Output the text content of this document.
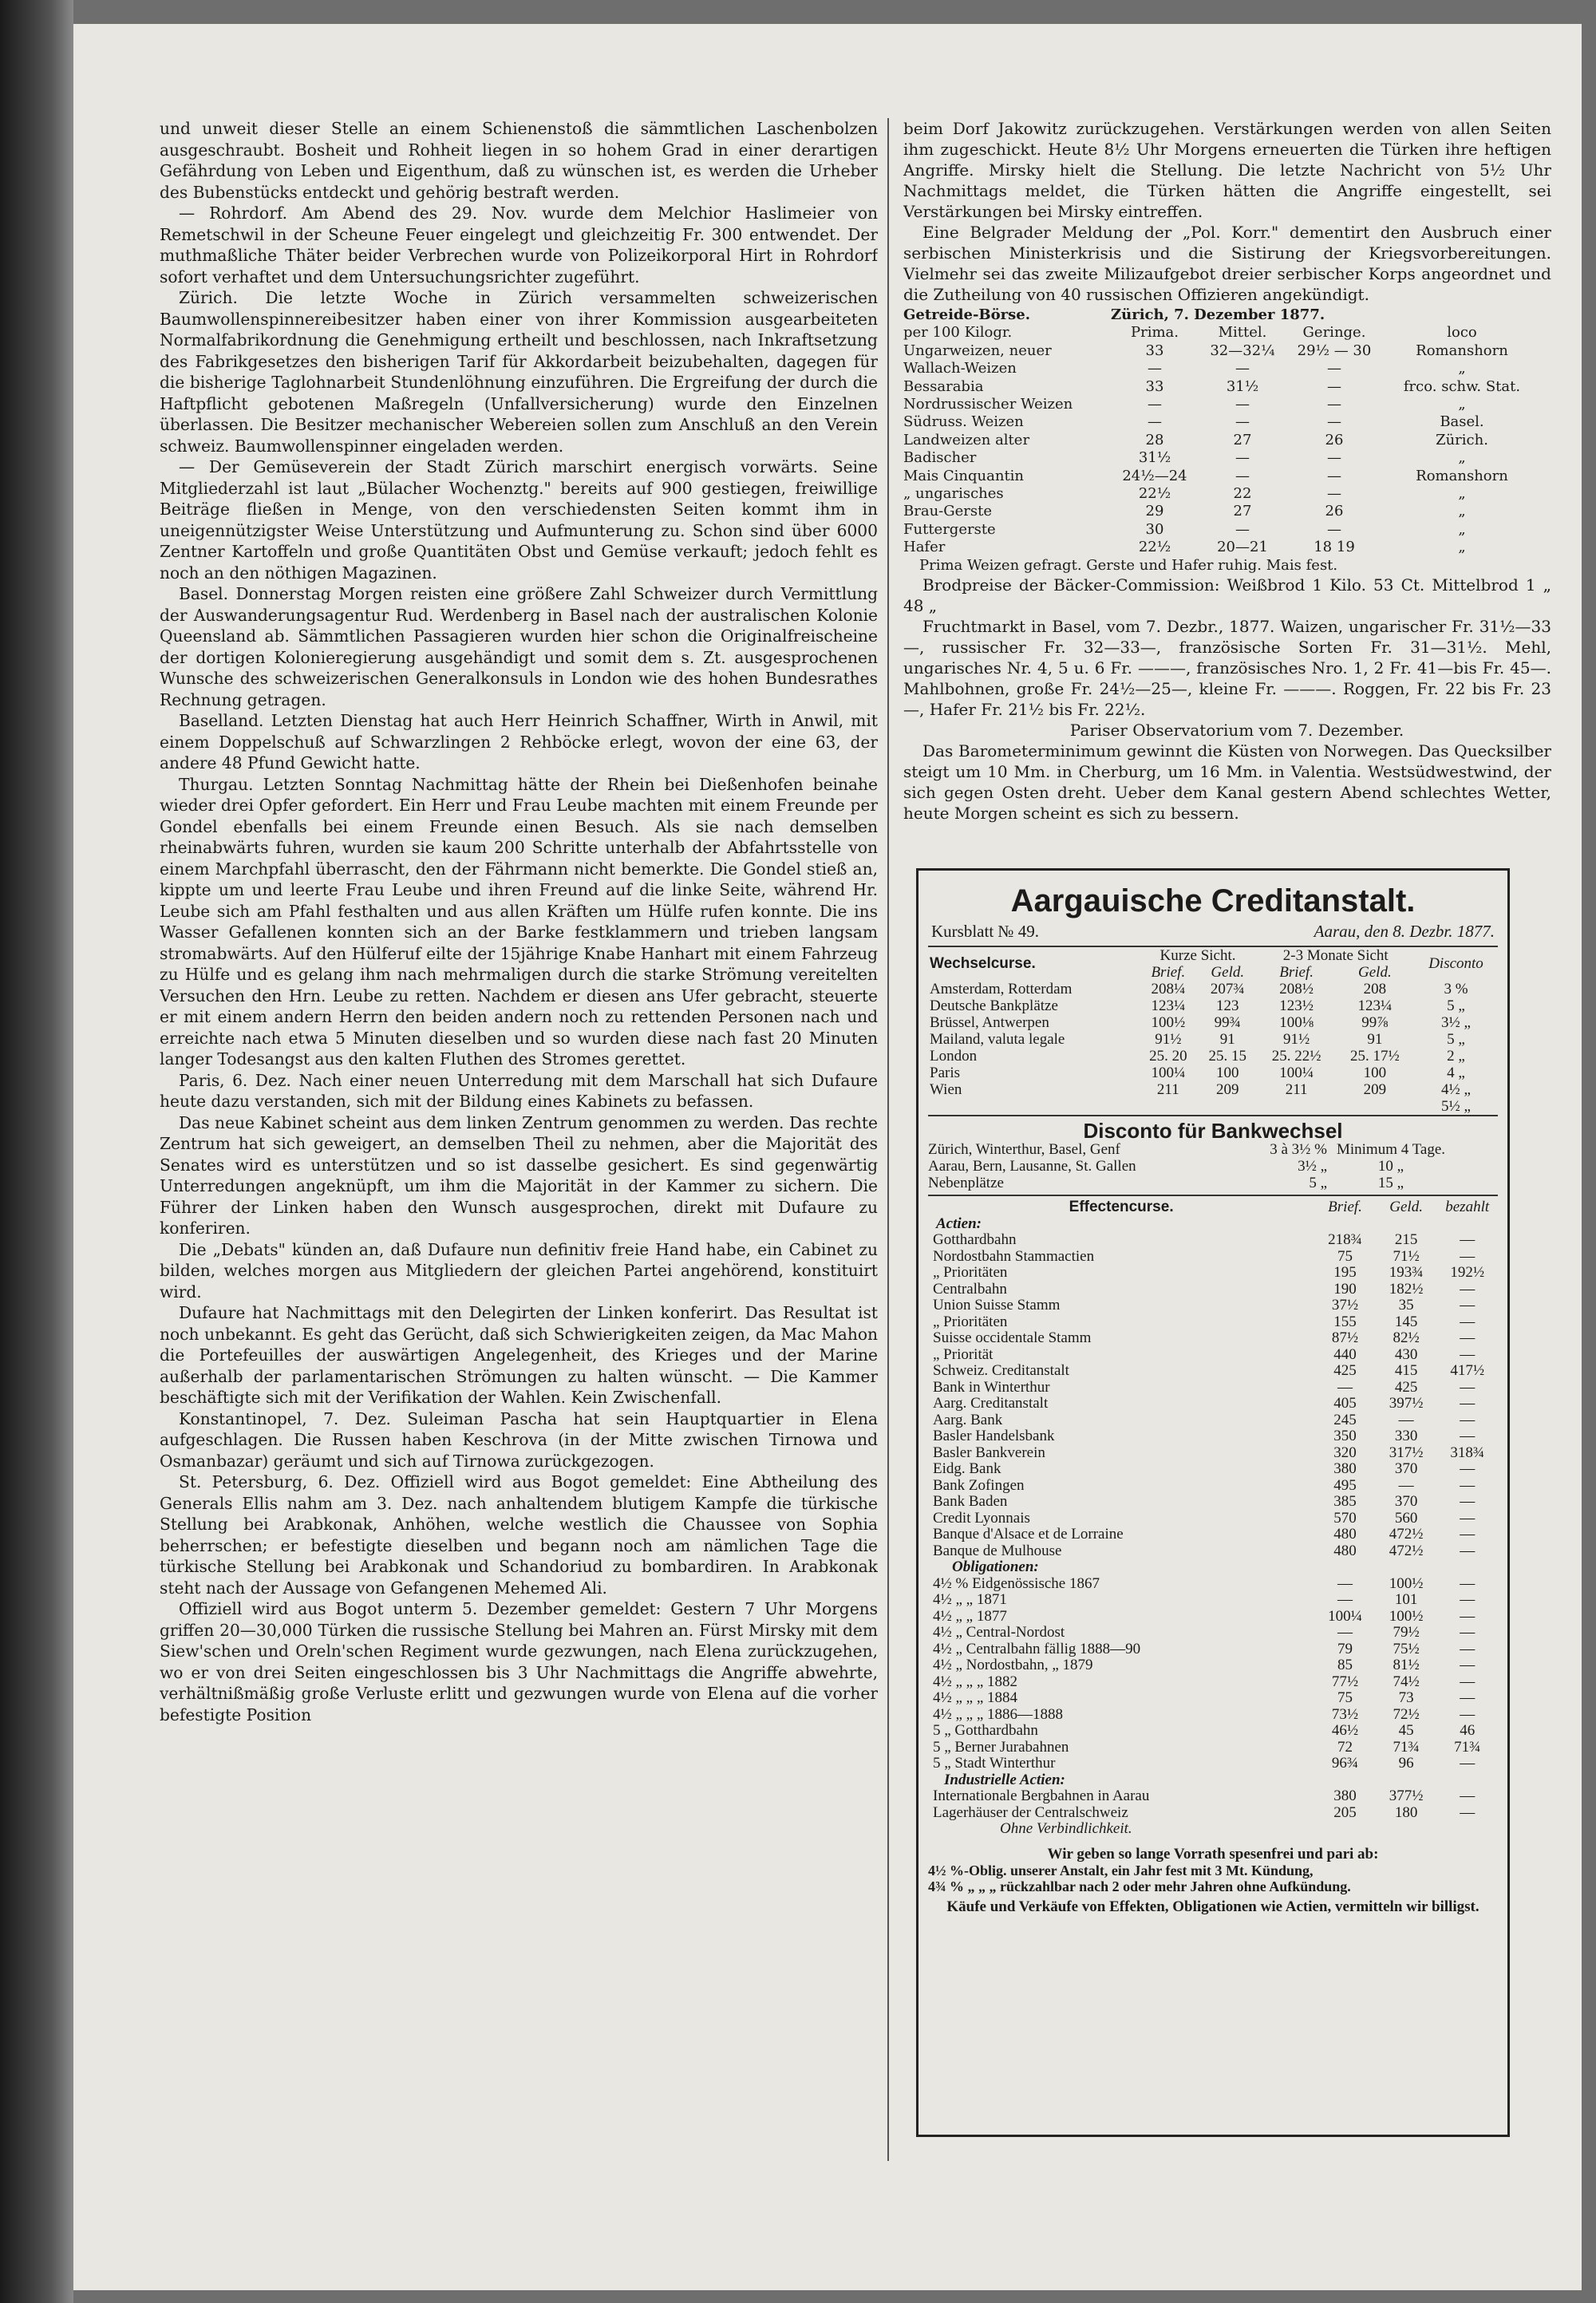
und unweit dieser Stelle an einem Schienenstoß die sämmtlichen Laschenbolzen ausgeschraubt. Bosheit und Rohheit liegen in so hohem Grad in einer derartigen Gefährdung von Leben und Eigenthum, daß zu wünschen ist, es werden die Urheber des Bubenstücks entdeckt und gehörig bestraft werden.

— Rohrdorf. Am Abend des 29. Nov. wurde dem Melchior Haslimeier von Remetschwil in der Scheune Feuer eingelegt und gleichzeitig Fr. 300 entwendet. Der muthmaßliche Thäter beider Verbrechen wurde von Polizeikorporal Hirt in Rohrdorf sofort verhaftet und dem Untersuchungsrichter zugeführt.

Zürich. Die letzte Woche in Zürich versammelten schweizerischen Baumwollenspinnereibesitzer haben einer von ihrer Kommission ausgearbeiteten Normalfabrikordnung die Genehmigung ertheilt und beschlossen, nach Inkraftsetzung des Fabrikgesetzes den bisherigen Tarif für Akkordarbeit beizubehalten, dagegen für die bisherige Taglohnarbeit Stundenlöhnung einzuführen. Die Ergreifung der durch die Haftpflicht gebotenen Maßregeln (Unfallversicherung) wurde den Einzelnen überlassen. Die Besitzer mechanischer Webereien sollen zum Anschluß an den Verein schweiz. Baumwollenspinner eingeladen werden.

— Der Gemüseverein der Stadt Zürich marschirt energisch vorwärts. Seine Mitgliederzahl ist laut „Bülacher Wochenztg." bereits auf 900 gestiegen, freiwillige Beiträge fließen in Menge, von den verschiedensten Seiten kommt ihm in uneigennützigster Weise Unterstützung und Aufmunterung zu. Schon sind über 6000 Zentner Kartoffeln und große Quantitäten Obst und Gemüse verkauft; jedoch fehlt es noch an den nöthigen Magazinen.

Basel. Donnerstag Morgen reisten eine größere Zahl Schweizer durch Vermittlung der Auswanderungsagentur Rud. Werdenberg in Basel nach der australischen Kolonie Queensland ab. Sämmtlichen Passagieren wurden hier schon die Originalfreischeine der dortigen Kolonieregierung ausgehändigt und somit dem s. Zt. ausgesprochenen Wunsche des schweizerischen Generalkonsuls in London wie des hohen Bundesrathes Rechnung getragen.

Baselland. Letzten Dienstag hat auch Herr Heinrich Schaffner, Wirth in Anwil, mit einem Doppelschuß auf Schwarzlingen 2 Rehböcke erlegt, wovon der eine 63, der andere 48 Pfund Gewicht hatte.

Thurgau. Letzten Sonntag Nachmittag hätte der Rhein bei Dießenhofen beinahe wieder drei Opfer gefordert. Ein Herr und Frau Leube machten mit einem Freunde per Gondel ebenfalls bei einem Freunde einen Besuch. Als sie nach demselben rheinabwärts fuhren, wurden sie kaum 200 Schritte unterhalb der Abfahrtsstelle von einem Marchpfahl überrascht, den der Fährmann nicht bemerkte. Die Gondel stieß an, kippte um und leerte Frau Leube und ihren Freund auf die linke Seite, während Hr. Leube sich am Pfahl festhalten und aus allen Kräften um Hülfe rufen konnte. Die ins Wasser Gefallenen konnten sich an der Barke festklammern und trieben langsam stromabwärts. Auf den Hülferuf eilte der 15jährige Knabe Hanhart mit einem Fahrzeug zu Hülfe und es gelang ihm nach mehrmaligen durch die starke Strömung vereitelten Versuchen den Hrn. Leube zu retten. Nachdem er diesen ans Ufer gebracht, steuerte er mit einem andern Herrn den beiden andern noch zu rettenden Personen nach und erreichte nach etwa 5 Minuten dieselben und so wurden diese nach fast 20 Minuten langer Todesangst aus den kalten Fluthen des Stromes gerettet.

Paris, 6. Dez. Nach einer neuen Unterredung mit dem Marschall hat sich Dufaure heute dazu verstanden, sich mit der Bildung eines Kabinets zu befassen.

Das neue Kabinet scheint aus dem linken Zentrum genommen zu werden. Das rechte Zentrum hat sich geweigert, an demselben Theil zu nehmen, aber die Majorität des Senates wird es unterstützen und so ist dasselbe gesichert. Es sind gegenwärtig Unterredungen angeknüpft, um ihm die Majorität in der Kammer zu sichern. Die Führer der Linken haben den Wunsch ausgesprochen, direkt mit Dufaure zu konferiren.

Die „Debats" künden an, daß Dufaure nun definitiv freie Hand habe, ein Cabinet zu bilden, welches morgen aus Mitgliedern der gleichen Partei angehörend, konstituirt wird.

Dufaure hat Nachmittags mit den Delegirten der Linken konferirt. Das Resultat ist noch unbekannt. Es geht das Gerücht, daß sich Schwierigkeiten zeigen, da Mac Mahon die Portefeuilles der auswärtigen Angelegenheit, des Krieges und der Marine außerhalb der parlamentarischen Strömungen zu halten wünscht. — Die Kammer beschäftigte sich mit der Verifikation der Wahlen. Kein Zwischenfall.

Konstantinopel, 7. Dez. Suleiman Pascha hat sein Hauptquartier in Elena aufgeschlagen. Die Russen haben Keschrova (in der Mitte zwischen Tirnowa und Osmanbazar) geräumt und sich auf Tirnowa zurückgezogen.

St. Petersburg, 6. Dez. Offiziell wird aus Bogot gemeldet: Eine Abtheilung des Generals Ellis nahm am 3. Dez. nach anhaltendem blutigem Kampfe die türkische Stellung bei Arabkonak, Anhöhen, welche westlich die Chaussee von Sophia beherrschen; er befestigte dieselben und begann noch am nämlichen Tage die türkische Stellung bei Arabkonak und Schandoriud zu bombardiren. In Arabkonak steht nach der Aussage von Gefangenen Mehemed Ali.

Offiziell wird aus Bogot unterm 5. Dezember gemeldet: Gestern 7 Uhr Morgens griffen 20—30,000 Türken die russische Stellung bei Mahren an. Fürst Mirsky mit dem Siew'schen und Oreln'schen Regiment wurde gezwungen, nach Elena zurückzugehen, wo er von drei Seiten eingeschlossen bis 3 Uhr Nachmittags die Angriffe abwehrte, verhältnißmäßig große Verluste erlitt und gezwungen wurde von Elena auf die vorher befestigte Position

beim Dorf Jakowitz zurückzugehen. Verstärkungen werden von allen Seiten ihm zugeschickt. Heute 8½ Uhr Morgens erneuerten die Türken ihre heftigen Angriffe. Mirsky hielt die Stellung. Die letzte Nachricht von 5½ Uhr Nachmittags meldet, die Türken hätten die Angriffe eingestellt, sei Verstärkungen bei Mirsky eintreffen.

Eine Belgrader Meldung der „Pol. Korr." dementirt den Ausbruch einer serbischen Ministerkrisis und die Sistirung der Kriegsvorbereitungen. Vielmehr sei das zweite Milizaufgebot dreier serbischer Korps angeordnet und die Zutheilung von 40 russischen Offizieren angekündigt.

Getreide-Börse.	Zürich, 7. Dezember 1877.
per 100 Kilogr.	Prima.	Mittel.	Geringe.	loco
Ungarweizen, neuer	33	32—32¼	29½ — 30	Romanshorn
Wallach-Weizen	—	—	—	„
Bessarabia	33	31½	—	frco. schw. Stat.
Nordrussischer Weizen	—	—	—	„
Südruss. Weizen	—	—	—	Basel.
Landweizen alter	28	27	26	Zürich.
Badischer	31½	—	—	„
Mais Cinquantin	24½—24	—	—	Romanshorn
„ ungarisches	22½	22	—	„
Brau-Gerste	29	27	26	„
Futtergerste	30	—	—	„
Hafer	22½	20—21	18 19	„
Prima Weizen gefragt. Gerste und Hafer ruhig. Mais fest.

Brodpreise der Bäcker-Commission: Weißbrod 1 Kilo. 53 Ct. Mittelbrod 1 „ 48 „

Fruchtmarkt in Basel, vom 7. Dezbr., 1877. Waizen, ungarischer Fr. 31½—33—, russischer Fr. 32—33—, französische Sorten Fr. 31—31½. Mehl, ungarisches Nr. 4, 5 u. 6 Fr. ———, französisches Nro. 1, 2 Fr. 41—bis Fr. 45—. Mahlbohnen, große Fr. 24½—25—, kleine Fr. ———. Roggen, Fr. 22 bis Fr. 23—, Hafer Fr. 21½ bis Fr. 22½.

Pariser Observatorium vom 7. Dezember.

Das Barometerminimum gewinnt die Küsten von Norwegen. Das Quecksilber steigt um 10 Mm. in Cherburg, um 16 Mm. in Valentia. Westsüdwestwind, der sich gegen Osten dreht. Ueber dem Kanal gestern Abend schlechtes Wetter, heute Morgen scheint es sich zu bessern.

Aargauische Creditanstalt.
Kursblatt № 49.	Aarau, den 8. Dezbr. 1877.
Wechselcurse.	Kurze Sicht.		2-3 Monate Sicht		Disconto
	Brief.	Geld.	Brief.	Geld.	
Amsterdam, Rotterdam	208¼	207¾	208½	208	3 %
Deutsche Bankplätze	123¼	123	123½	123¼	5 „
Brüssel, Antwerpen	100½	99¾	100⅛	99⅞	3½ „
Mailand, valuta legale	91½	91	91½	91	5 „
London	25. 20	25. 15	25. 22½	25. 17½	2 „
Paris	100¼	100	100¼	100	4 „
Wien	211	209	211	209	4½ „
					5½ „
Disconto für Bankwechsel
Zürich, Winterthur, Basel, Genf	3 à 3½ % Minimum 4 Tage.
Aarau, Bern, Lausanne, St. Gallen	3½ „	10 „
Nebenplätze	5 „	15 „
Effectencurse.	Brief.	Geld.	bezahlt
Actien:			
Gotthardbahn	218¾	215	—
Nordostbahn Stammactien	75	71½	—
„ Prioritäten	195	193¾	192½
Centralbahn	190	182½	—
Union Suisse Stamm	37½	35	—
„ Prioritäten	155	145	—
Suisse occidentale Stamm	87½	82½	—
„ Priorität	440	430	—
Schweiz. Creditanstalt	425	415	417½
Bank in Winterthur	—	425	—
Aarg. Creditanstalt	405	397½	—
Aarg. Bank	245	—	—
Basler Handelsbank	350	330	—
Basler Bankverein	320	317½	318¾
Eidg. Bank	380	370	—
Bank Zofingen	495	—	—
Bank Baden	385	370	—
Credit Lyonnais	570	560	—
Banque d'Alsace et de Lorraine	480	472½	—
Banque de Mulhouse	480	472½	—
Obligationen:			
4½ % Eidgenössische 1867	—	100½	—
4½ „ „ 1871	—	101	—
4½ „ „ 1877	100¼	100½	—
4½ „ Central-Nordost	—	79½	—
4½ „ Centralbahn fällig 1888—90	79	75½	—
4½ „ Nordostbahn, „ 1879	85	81½	—
4½ „ „ „ 1882	77½	74½	—
4½ „ „ „ 1884	75	73	—
4½ „ „ „ 1886—1888	73½	72½	—
5 „ Gotthardbahn	46½	45	46
5 „ Berner Jurabahnen	72	71¾	71¾
5 „ Stadt Winterthur	96¾	96	—
Industrielle Actien:			
Internationale Bergbahnen in Aarau	380	377½	—
Lagerhäuser der Centralschweiz	205	180	—
Ohne Verbindlichkeit.			
Wir geben so lange Vorrath spesenfrei und pari ab:
4½ %-Oblig. unserer Anstalt, ein Jahr fest mit 3 Mt. Kündung,
4¾ % „ „ „ rückzahlbar nach 2 oder mehr Jahren ohne Aufkündung.
Käufe und Verkäufe von Effekten, Obligationen wie Actien, vermitteln wir billigst.
